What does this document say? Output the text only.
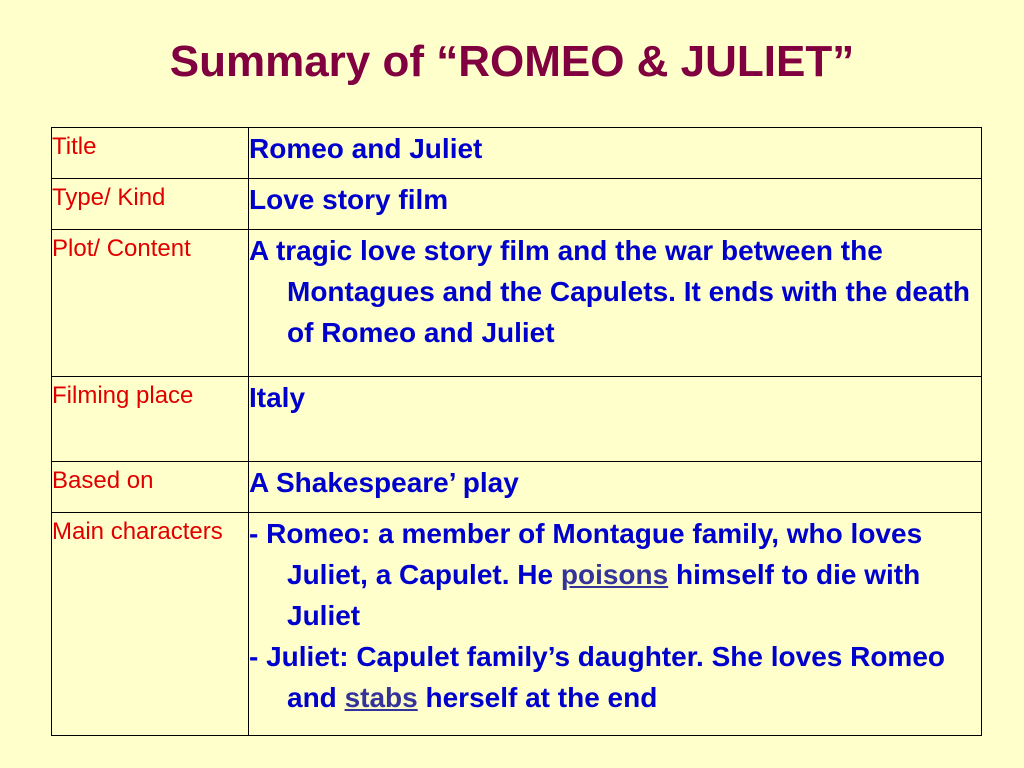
Summary of “ROMEO & JULIET”
Title	Romeo and Juliet
Type/ Kind	Love story film
Plot/ Content	A tragic love story film and the war between the Montagues and the Capulets. It ends with the death of Romeo and Juliet

Filming place	Italy
Based on	A Shakespeare’ play
Main characters	- Romeo: a member of Montague family, who loves Juliet, a Capulet. He poisons himself to die with Juliet
- Juliet: Capulet family’s daughter. She loves Romeo and stabs herself at the end
